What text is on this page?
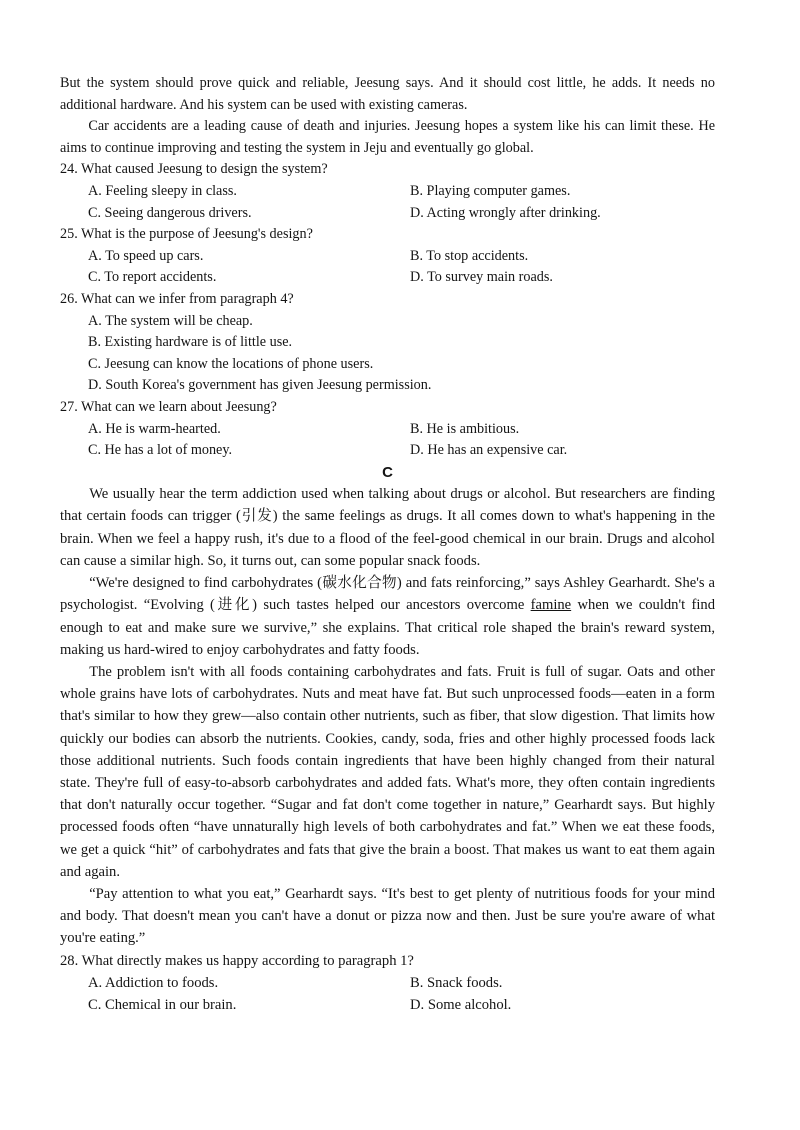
But the system should prove quick and reliable, Jeesung says. And it should cost little, he adds. It needs no additional hardware. And his system can be used with existing cameras.

Car accidents are a leading cause of death and injuries. Jeesung hopes a system like his can limit these. He aims to continue improving and testing the system in Jeju and eventually go global.

24. What caused Jeesung to design the system?

A. Feeling sleepy in class.	B. Playing computer games.
C. Seeing dangerous drivers.	D. Acting wrongly after drinking.

25. What is the purpose of Jeesung's design?

A. To speed up cars.	B. To stop accidents.
C. To report accidents.	D. To survey main roads.

26. What can we infer from paragraph 4?

A. The system will be cheap.
B. Existing hardware is of little use.
C. Jeesung can know the locations of phone users.
D. South Korea's government has given Jeesung permission.

27. What can we learn about Jeesung?

A. He is warm-hearted.	B. He is ambitious.
C. He has a lot of money.	D. He has an expensive car.
C

We usually hear the term addiction used when talking about drugs or alcohol. But researchers are finding that certain foods can trigger (引发) the same feelings as drugs. It all comes down to what's happening in the brain. When we feel a happy rush, it's due to a flood of the feel-good chemical in our brain. Drugs and alcohol can cause a similar high. So, it turns out, can some popular snack foods.

“We're designed to find carbohydrates (碳水化合物) and fats reinforcing,” says Ashley Gearhardt. She's a psychologist. “Evolving (进化) such tastes helped our ancestors overcome famine when we couldn't find enough to eat and make sure we survive,” she explains. That critical role shaped the brain's reward system, making us hard-wired to enjoy carbohydrates and fatty foods.

The problem isn't with all foods containing carbohydrates and fats. Fruit is full of sugar. Oats and other whole grains have lots of carbohydrates. Nuts and meat have fat. But such unprocessed foods—eaten in a form that's similar to how they grew—also contain other nutrients, such as fiber, that slow digestion. That limits how quickly our bodies can absorb the nutrients. Cookies, candy, soda, fries and other highly processed foods lack those additional nutrients. Such foods contain ingredients that have been highly changed from their natural state. They're full of easy-to-absorb carbohydrates and added fats. What's more, they often contain ingredients that don't naturally occur together. “Sugar and fat don't come together in nature,” Gearhardt says. But highly processed foods often “have unnaturally high levels of both carbohydrates and fat.” When we eat these foods, we get a quick “hit” of carbohydrates and fats that give the brain a boost. That makes us want to eat them again and again.

“Pay attention to what you eat,” Gearhardt says. “It's best to get plenty of nutritious foods for your mind and body. That doesn't mean you can't have a donut or pizza now and then. Just be sure you're aware of what you're eating.”

28. What directly makes us happy according to paragraph 1?

A. Addiction to foods.	B. Snack foods.
C. Chemical in our brain.	D. Some alcohol.
